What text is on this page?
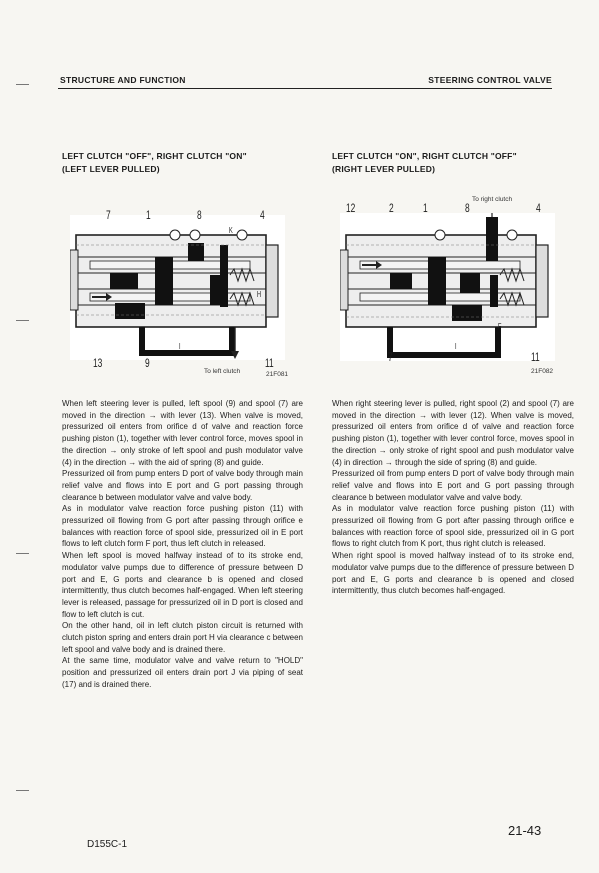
STRUCTURE AND FUNCTION	STEERING CONTROL VALVE
LEFT CLUTCH "OFF", RIGHT CLUTCH "ON"
(LEFT LEVER PULLED)
LEFT CLUTCH "ON", RIGHT CLUTCH "OFF"
(RIGHT LEVER PULLED)
7	1	8	4
K
H
I
13	9	11
To left clutch	21F081
To right clutch
12	2 1	8	4
F
I
7	11
21F082

When left steering lever is pulled, left spool (9) and spool (7) are moved in the direction → with lever (13). When valve is moved, pressurized oil enters from orifice d of valve and reaction force pushing piston (1), together with lever control force, moves spool in the direction → only stroke of left spool and push modulator valve (4) in the direction → with the aid of spring (8) and guide.

Pressurized oil from pump enters D port of valve body through main relief valve and flows into E port and G port passing through clearance b between modulator valve and valve body.

As in modulator valve reaction force pushing piston (11) with pressurized oil flowing from G port after passing through orifice e balances with reaction force of spool side, pressurized oil in E port flows to left clutch form F port, thus left clutch in released.

When left spool is moved halfway instead of to its stroke end, modulator valve pumps due to difference of pressure between D port and E, G ports and clearance b is opened and closed intermittently, thus clutch becomes half-engaged. When left steering lever is released, passage for pressurized oil in D port is closed and flow to left clutch is cut.

On the other hand, oil in left clutch piston circuit is returned with clutch piston spring and enters drain port H via clearance c between left spool and valve body and is drained there.

At the same time, modulator valve and valve return to "HOLD" position and pressurized oil enters drain port J via piping of seat (17) and is drained there.

When right steering lever is pulled, right spool (2) and spool (7) are moved in the direction → with lever (12). When valve is moved, pressurized oil enters from orifice d of valve and reaction force pushing piston (1), together with lever control force, moves spool in the direction → only stroke of right spool and push modulator valve (4) in direction → through the side of spring (8) and guide.

Pressurized oil from pump enters D port of valve body through main relief valve and flows into E port and G port passing through clearance b between modulator valve and valve body.

As in modulator valve reaction force pushing piston (11) with pressurized oil flowing from G port after passing through orifice e balances with reaction force of spool side, pressurized oil in G port flows to right clutch from K port, thus right clutch is released.

When right spool is moved halfway instead of to its stroke end, modulator valve pumps due to the difference of pressure between D port and E, G ports and clearance b is opened and closed intermittently, thus clutch becomes half-engaged.

D155C-1
21-43
